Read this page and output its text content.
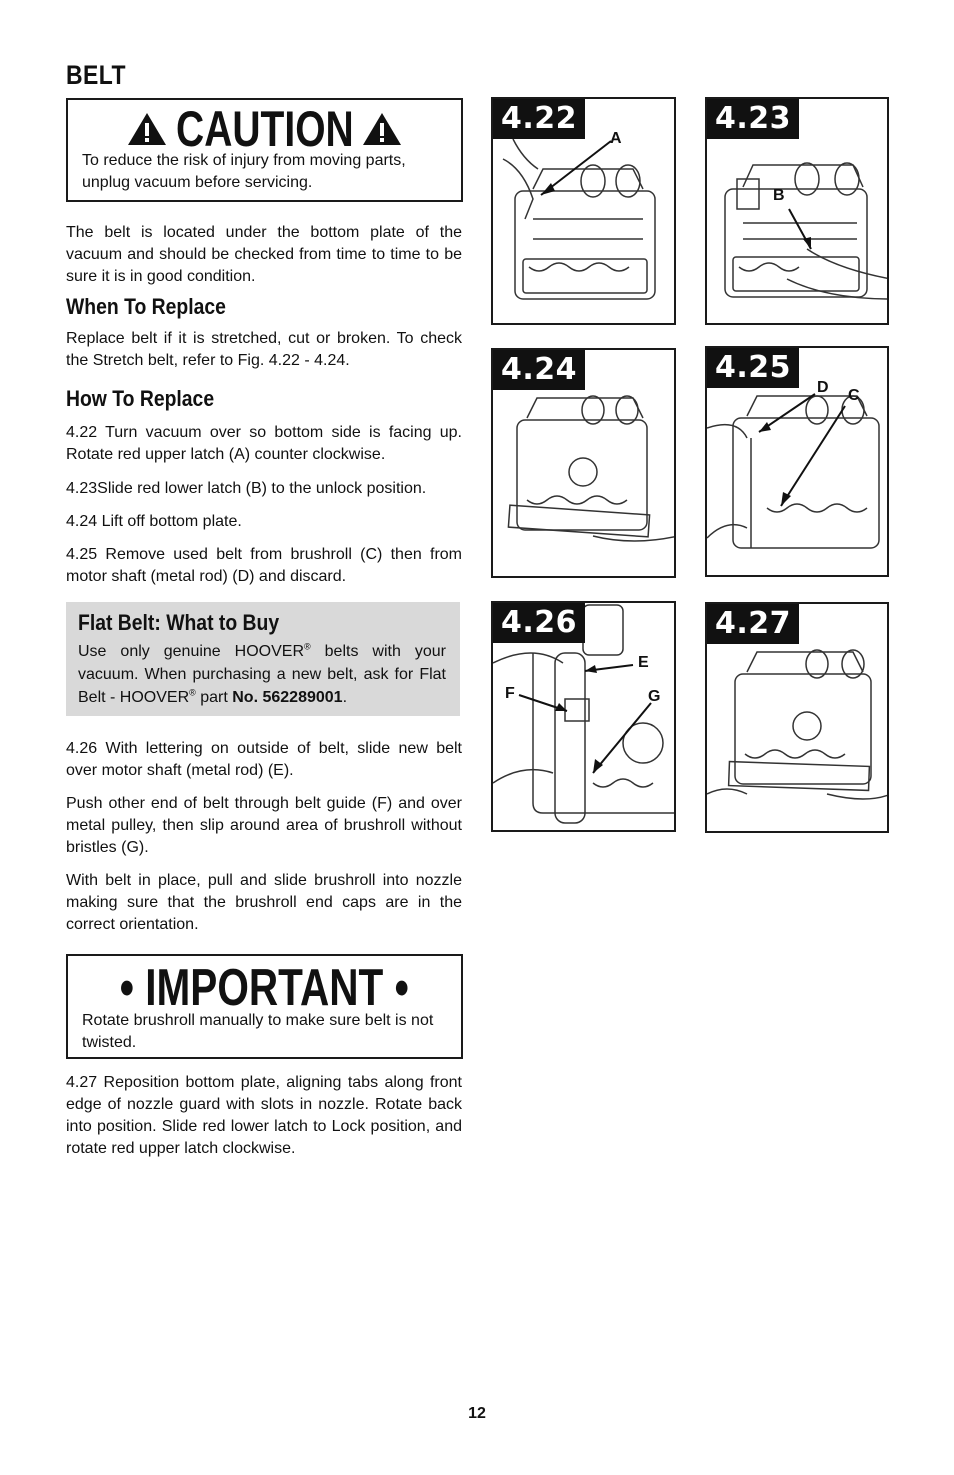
BELT
CAUTION
To reduce the risk of injury from moving parts, unplug vacuum before servicing.
The belt is located under the bottom plate of the vacuum and should be checked from time to time to be sure it is in good condition.
When To Replace
Replace belt if it is stretched, cut or broken. To check the Stretch belt, refer to Fig. 4.22 - 4.24.
How To Replace
4.22 Turn vacuum over so bottom side is facing up. Rotate red upper latch (A) counter clockwise.
4.23Slide red lower latch (B) to the unlock position.
4.24 Lift off bottom plate.
4.25 Remove used belt from brushroll (C) then from motor shaft (metal rod) (D) and discard.
Flat Belt: What to Buy
Use only genuine HOOVER® belts with your vacuum. When purchasing a new belt, ask for Flat Belt - HOOVER® part No. 562289001.
4.26 With lettering on outside of belt, slide new belt over motor shaft (metal rod) (E).
Push other end of belt through belt guide (F) and over metal pulley, then slip around area of brushroll without bristles (G).
With belt in place, pull and slide brushroll into nozzle making sure that the brushroll end caps are in the correct orientation.
• IMPORTANT •
Rotate brushroll manually to make sure belt is not twisted.
4.27 Reposition bottom plate, aligning tabs along front edge of nozzle guard with slots in nozzle. Rotate back into position. Slide red lower latch to Lock position, and rotate red upper latch clockwise.
4.22
A
4.23
B
4.24	4.25
D C
4.26
E
F	G
4.27
12
